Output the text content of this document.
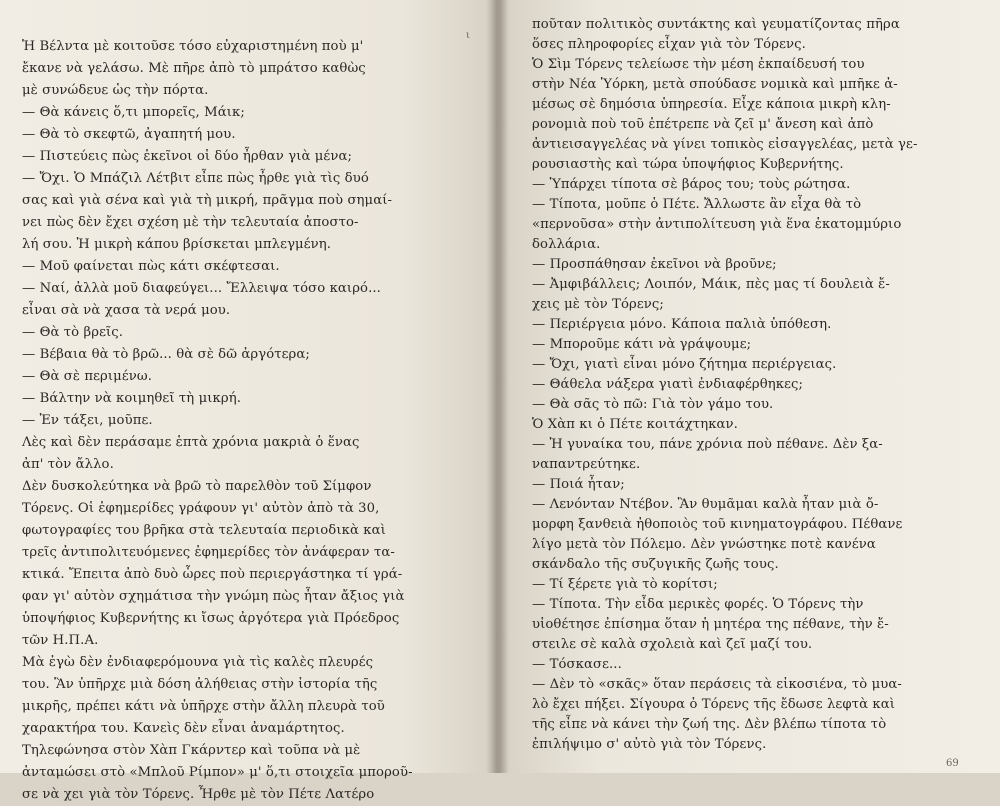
Ἡ Βέλντα μὲ κοιτοῦσε τόσο εὐχαριστημένη ποὺ μ'
ἔκανε νὰ γελάσω. Μὲ πῆρε ἀπὸ τὸ μπράτσο καθὼς
μὲ συνώδευε ὡς τὴν πόρτα.
— Θὰ κάνεις ὅ,τι μπορεῖς, Μάικ;
— Θὰ τὸ σκεφτῶ, ἀγαπητή μου.
— Πιστεύεις πὼς ἐκεῖνοι οἱ δύο ἦρθαν γιὰ μένα;
— Ὄχι. Ὁ Μπάζιλ Λέτβιτ εἶπε πὼς ἦρθε γιὰ τὶς δυό
σας καὶ γιὰ σένα καὶ γιὰ τὴ μικρή, πρᾶγμα ποὺ σημαί-
νει πὼς δὲν ἔχει σχέση μὲ τὴν τελευταία ἀποστο-
λή σου. Ἡ μικρὴ κάπου βρίσκεται μπλεγμένη.
— Μοῦ φαίνεται πὼς κάτι σκέφτεσαι.
— Ναί, ἀλλὰ μοῦ διαφεύγει... Ἔλλειψα τόσο καιρό...
εἶναι σὰ νὰ χασα τὰ νερά μου.
— Θὰ τὸ βρεῖς.
— Βέβαια θὰ τὸ βρῶ... θὰ σὲ δῶ ἀργότερα;
— Θὰ σὲ περιμένω.
— Βάλτην νὰ κοιμηθεῖ τὴ μικρή.
— Ἐν τάξει, μοῦπε.
Λὲς καὶ δὲν περάσαμε ἑπτὰ χρόνια μακριὰ ὁ ἕνας
ἀπ' τὸν ἄλλο.
Δὲν δυσκολεύτηκα νὰ βρῶ τὸ παρελθὸν τοῦ Σίμφον
Τόρενς. Οἱ ἐφημερίδες γράφουν γι' αὐτὸν ἀπὸ τὰ 30,
φωτογραφίες του βρῆκα στὰ τελευταία περιοδικὰ καὶ
τρεῖς ἀντιπολιτευόμενες ἐφημερίδες τὸν ἀνάφεραν τα-
κτικά. Ἔπειτα ἀπὸ δυὸ ὧρες ποὺ περιεργάστηκα τί γρά-
φαν γι' αὐτὸν σχημάτισα τὴν γνώμη πὼς ἦταν ἄξιος γιὰ
ὑποψήφιος Κυβερνήτης κι ἴσως ἀργότερα γιὰ Πρόεδρος
τῶν Η.Π.Α.
Μὰ ἐγὼ δὲν ἐνδιαφερόμουνα γιὰ τὶς καλὲς πλευρές
του. Ἂν ὑπῆρχε μιὰ δόση ἀλήθειας στὴν ἱστορία τῆς
μικρῆς, πρέπει κάτι νὰ ὑπῆρχε στὴν ἄλλη πλευρὰ τοῦ
χαρακτήρα του. Κανεὶς δὲν εἶναι ἀναμάρτητος.
Τηλεφώνησα στὸν Χὰπ Γκάρντερ καὶ τοῦπα νὰ μὲ
ἀνταμώσει στὸ «Μπλοῦ Ρίμπον» μ' ὅ,τι στοιχεῖα μποροῦ-
σε νὰ χει γιὰ τὸν Τόρενς. Ἦρθε μὲ τὸν Πέτε Λατέρο
ι
ποῦταν πολιτικὸς συντάκτης καὶ γευματίζοντας πῆρα
ὅσες πληροφορίες εἶχαν γιὰ τὸν Τόρενς.
Ὁ Σὶμ Τόρενς τελείωσε τὴν μέση ἐκπαίδευσή του
στὴν Νέα Ὑόρκη, μετὰ σπούδασε νομικὰ καὶ μπῆκε ἀ-
μέσως σὲ δημόσια ὑπηρεσία. Εἶχε κάποια μικρὴ κλη-
ρονομιὰ ποὺ τοῦ ἐπέτρεπε νὰ ζεῖ μ' ἄνεση καὶ ἀπὸ
ἀντιεισαγγελέας νὰ γίνει τοπικὸς εἰσαγγελέας, μετὰ γε-
ρουσιαστὴς καὶ τώρα ὑποψήφιος Κυβερνήτης.
— Ὑπάρχει τίποτα σὲ βάρος του; τοὺς ρώτησα.
— Τίποτα, μοῦπε ὁ Πέτε. Ἄλλωστε ἂν εἶχα θὰ τὸ
«περνοῦσα» στὴν ἀντιπολίτευση γιὰ ἕνα ἑκατομμύριο
δολλάρια.
— Προσπάθησαν ἐκεῖνοι νὰ βροῦνε;
— Ἀμφιβάλλεις; Λοιπόν, Μάικ, πὲς μας τί δουλειὰ ἔ-
χεις μὲ τὸν Τόρενς;
— Περιέργεια μόνο. Κάποια παλιὰ ὑπόθεση.
— Μποροῦμε κάτι νὰ γράψουμε;
— Ὄχι, γιατὶ εἶναι μόνο ζήτημα περιέργειας.
— Θάθελα νάξερα γιατὶ ἐνδιαφέρθηκες;
— Θὰ σᾶς τὸ πῶ: Γιὰ τὸν γάμο του.
Ὁ Χὰπ κι ὁ Πέτε κοιτάχτηκαν.
— Ἡ γυναίκα του, πάνε χρόνια ποὺ πέθανε. Δὲν ξα-
ναπαντρεύτηκε.
— Ποιά ἦταν;
— Λενόνταν Ντέβον. Ἂν θυμᾶμαι καλὰ ἦταν μιὰ ὄ-
μορφη ξανθειὰ ἠθοποιὸς τοῦ κινηματογράφου. Πέθανε
λίγο μετὰ τὸν Πόλεμο. Δὲν γνώστηκε ποτὲ κανένα
σκάνδαλο τῆς συζυγικῆς ζωῆς τους.
— Τί ξέρετε γιὰ τὸ κορίτσι;
— Τίποτα. Τὴν εἶδα μερικὲς φορές. Ὁ Τόρενς τὴν
υἱοθέτησε ἐπίσημα ὅταν ἡ μητέρα της πέθανε, τὴν ἔ-
στειλε σὲ καλὰ σχολειὰ καὶ ζεῖ μαζί του.
— Τόσκασε...
— Δὲν τὸ «σκᾶς» ὅταν περάσεις τὰ εἰκοσιένα, τὸ μυα-
λὸ ἔχει πήξει. Σίγουρα ὁ Τόρενς τῆς ἔδωσε λεφτὰ καὶ
τῆς εἶπε νὰ κάνει τὴν ζωή της. Δὲν βλέπω τίποτα τὸ
ἐπιλήψιμο σ' αὐτὸ γιὰ τὸν Τόρενς.
69
